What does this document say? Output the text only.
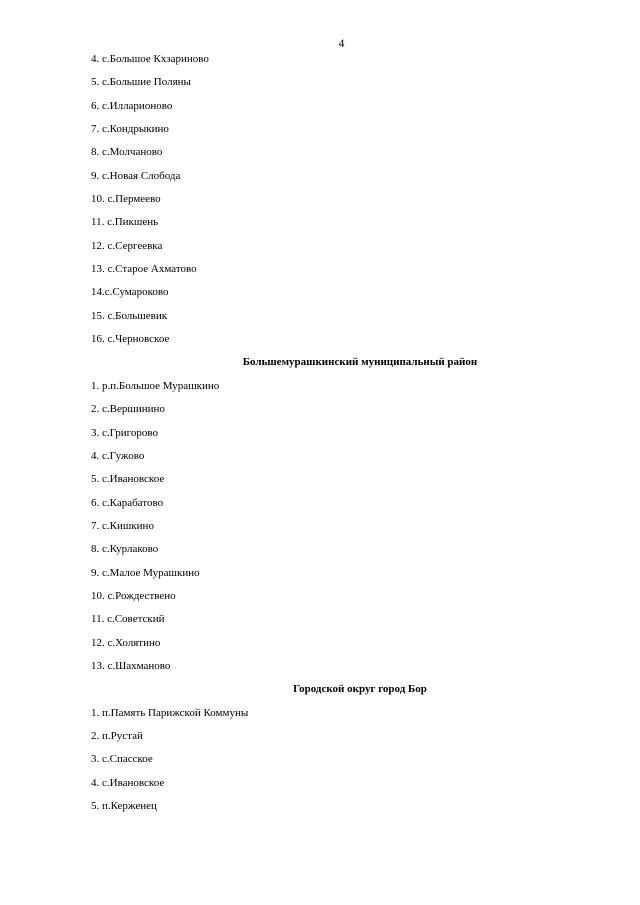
4
4. с.Большое Кхзариново
5. с.Большие Поляны
6. с.Илларионово
7. с.Кондрыкино
8. с.Молчаново
9. с.Новая Слобода
10. с.Пермеево
11. с.Пикшень
12. с.Сергеевка
13. с.Старое Ахматово
14.с.Сумароково
15. с.Большевик
16. с.Черновское
Большемурашкинский муниципальный район
1. р.п.Большое Мурашкино
2. с.Вершинино
3. с.Григорово
4. с.Гужово
5. с.Ивановское
6. с.Карабатово
7. с.Кишкино
8. с.Курлаково
9. с.Малое Мурашкино
10. с.Рождествено
11. с.Советский
12. с.Холятино
13. с.Шахманово
Городской округ город Бор
1. п.Память Парижской Коммуны
2. п.Рустай
3. с.Спасское
4. с.Ивановское
5. п.Керженец
